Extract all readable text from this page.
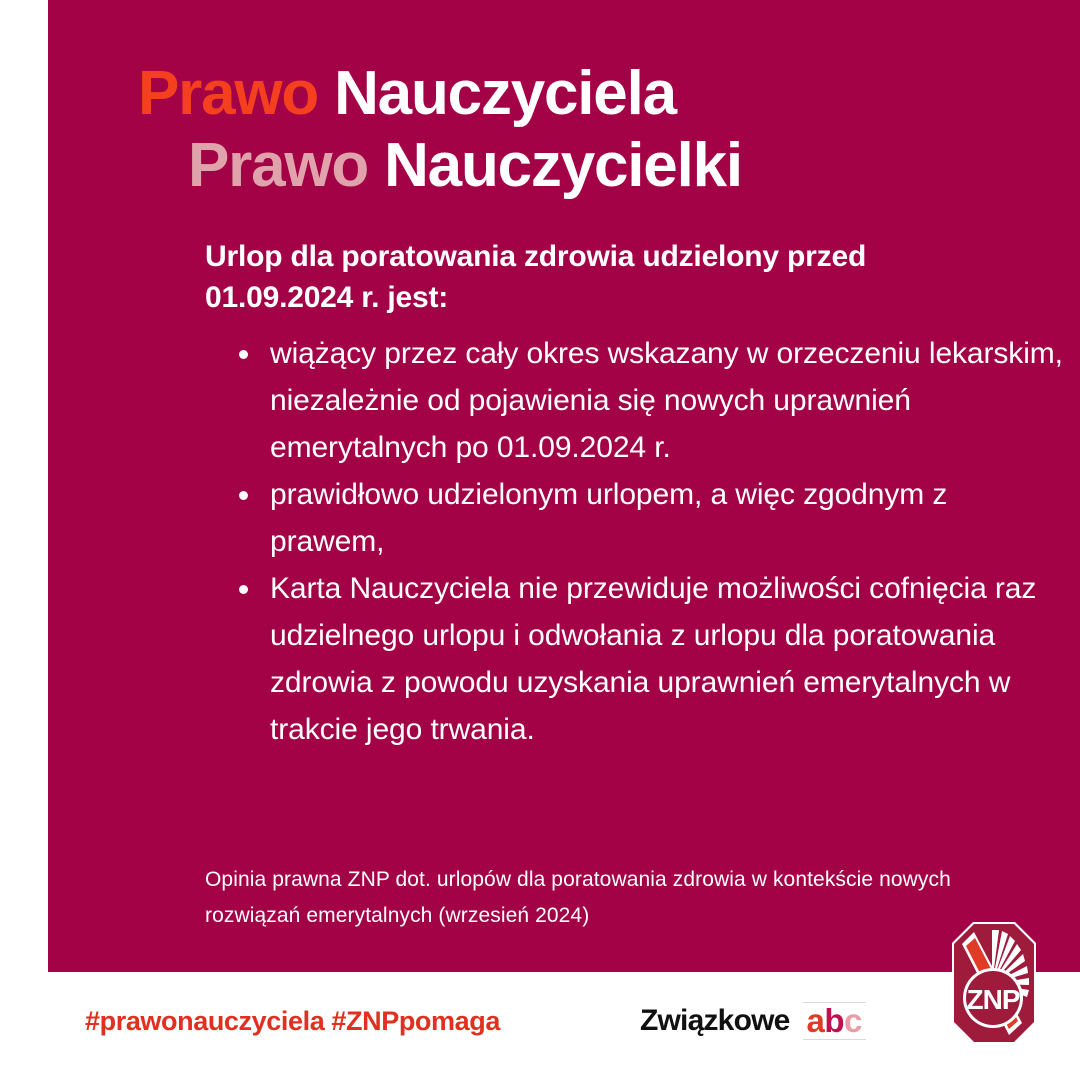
Prawo Nauczyciela
Prawo Nauczycielki

Urlop dla poratowania zdrowia udzielony przed 01.09.2024 r. jest:

wiążący przez cały okres wskazany w orzeczeniu lekarskim, niezależnie od pojawienia się nowych uprawnień emerytalnych po 01.09.2024 r.
prawidłowo udzielonym urlopem, a więc zgodnym z prawem,
Karta Nauczyciela nie przewiduje możliwości cofnięcia raz udzielnego urlopu i odwołania z urlopu dla poratowania zdrowia z powodu uzyskania uprawnień emerytalnych w trakcie jego trwania.

Opinia prawna ZNP dot. urlopów dla poratowania zdrowia w kontekście nowych rozwiązań emerytalnych (wrzesień 2024)

#prawonauczyciela #ZNPpomaga	Związkowe a b c
ZNP
